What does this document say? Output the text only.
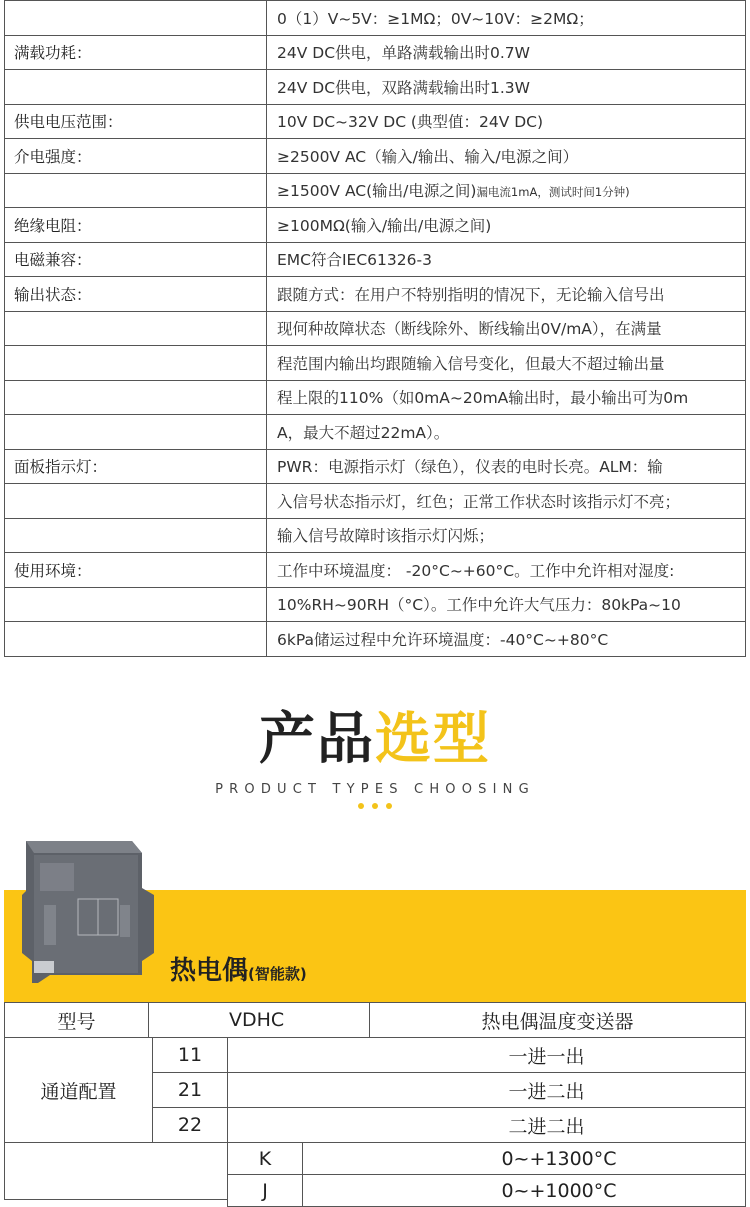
	0（1）V~5V：≥1MΩ；0V~10V：≥2MΩ；
满载功耗：	24V DC供电，单路满载输出时0.7W
	24V DC供电，双路满载输出时1.3W
供电电压范围：	10V DC~32V DC (典型值：24V DC)
介电强度：	≥2500V AC（输入/输出、输入/电源之间）
	≥1500V AC(输出/电源之间)漏电流1mA，测试时间1分钟)
绝缘电阻：	≥100MΩ(输入/输出/电源之间)
电磁兼容：	EMC符合IEC61326-3
输出状态：	跟随方式：在用户不特别指明的情况下，无论输入信号出
	现何种故障状态（断线除外、断线输出0V/mA），在满量
	程范围内输出均跟随输入信号变化，但最大不超过输出量
	程上限的110%（如0mA~20mA输出时，最小输出可为0m
	A，最大不超过22mA）。
面板指示灯：	PWR：电源指示灯（绿色），仪表的电时长亮。ALM：输
	入信号状态指示灯，红色；正常工作状态时该指示灯不亮；
	输入信号故障时该指示灯闪烁；
使用环境：	工作中环境温度： -20°C~+60°C。工作中允许相对湿度:
	10%RH~90RH（°C）。工作中允许大气压力：80kPa~10
	6kPa储运过程中允许环境温度：-40°C~+80°C
产品选型
PRODUCT TYPES CHOOSING
热电偶(智能款)
型号	VDHC	热电偶温度变送器
通道配置
11	一进一出
21	一进二出
22	二进二出
K	0~+1300°C
J	0~+1000°C
